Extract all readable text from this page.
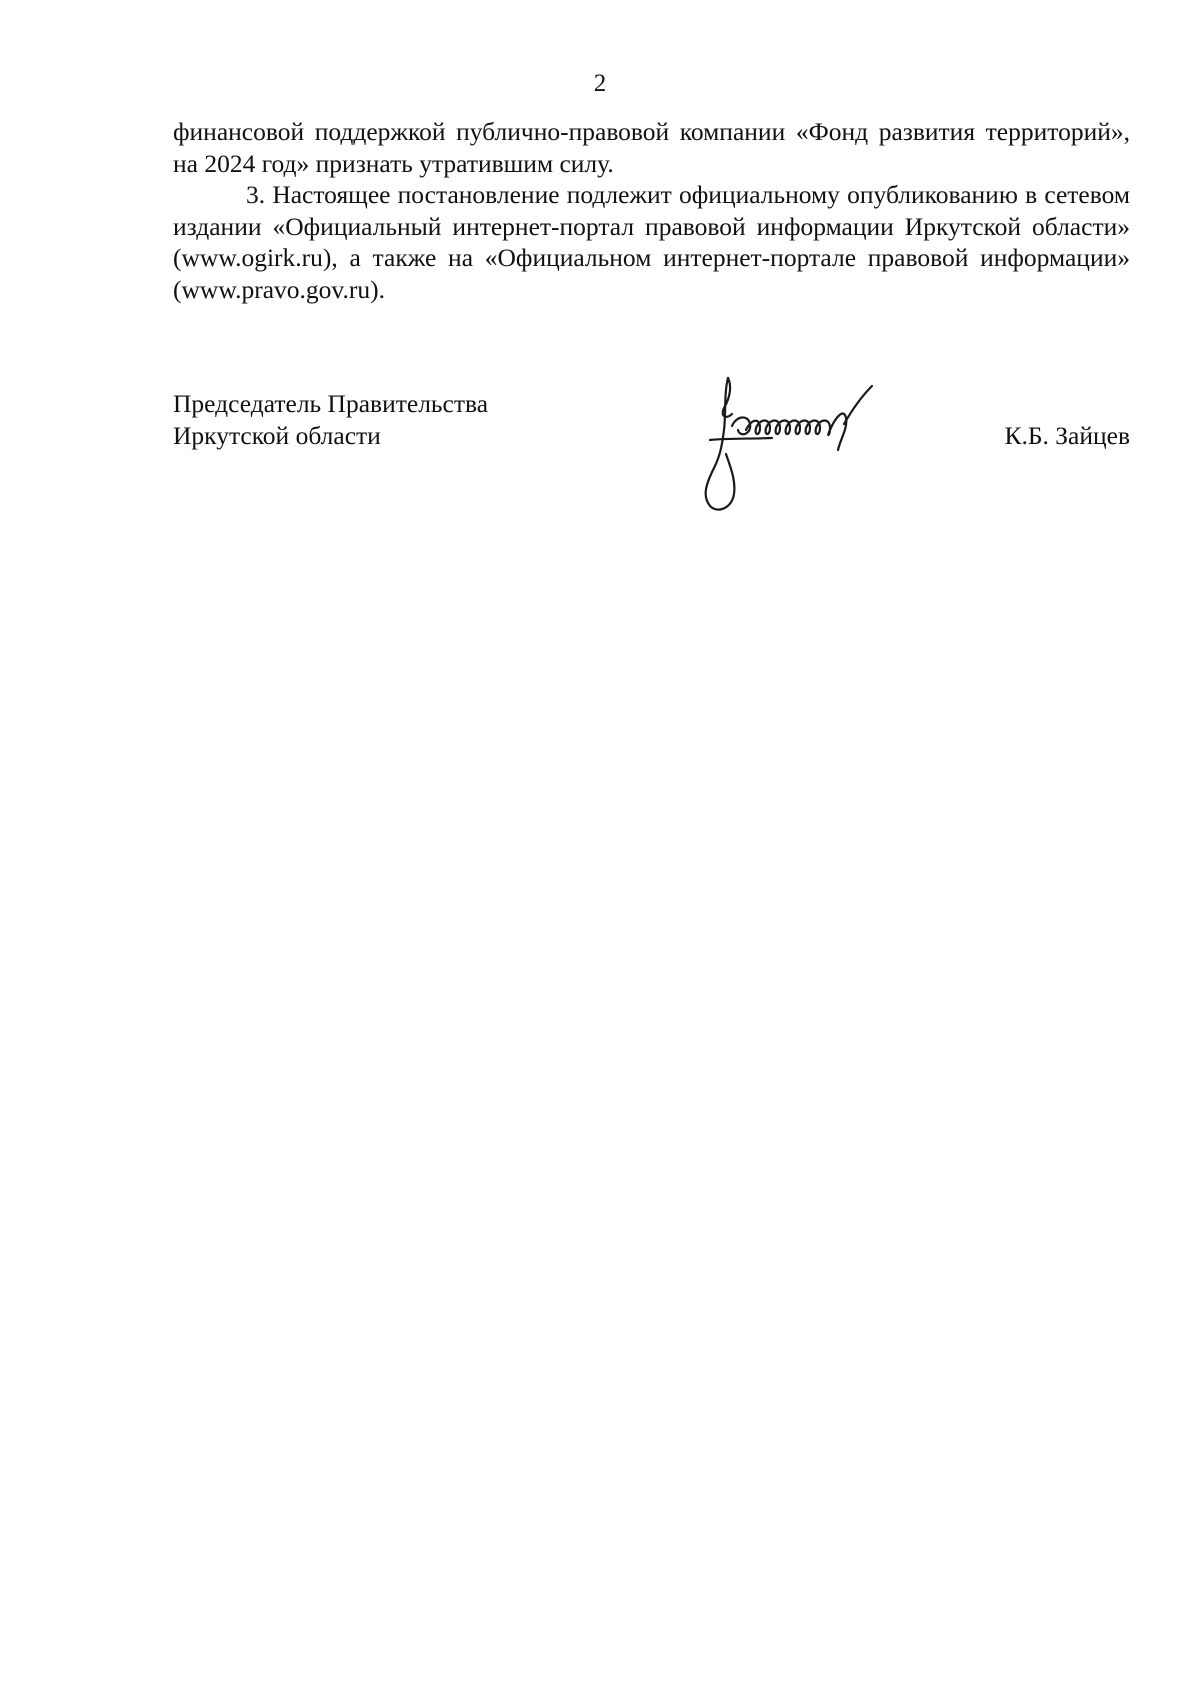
2

финансовой поддержкой публично-правовой компании «Фонд развития территорий», на 2024 год» признать утратившим силу.

3. Настоящее постановление подлежит официальному опубликованию в сетевом издании «Официальный интернет-портал правовой информации Иркутской области» (www.ogirk.ru), а также на «Официальном интернет-портале правовой информации» (www.pravo.gov.ru).

Председатель Правительства
Иркутской области	К.Б. Зайцев
